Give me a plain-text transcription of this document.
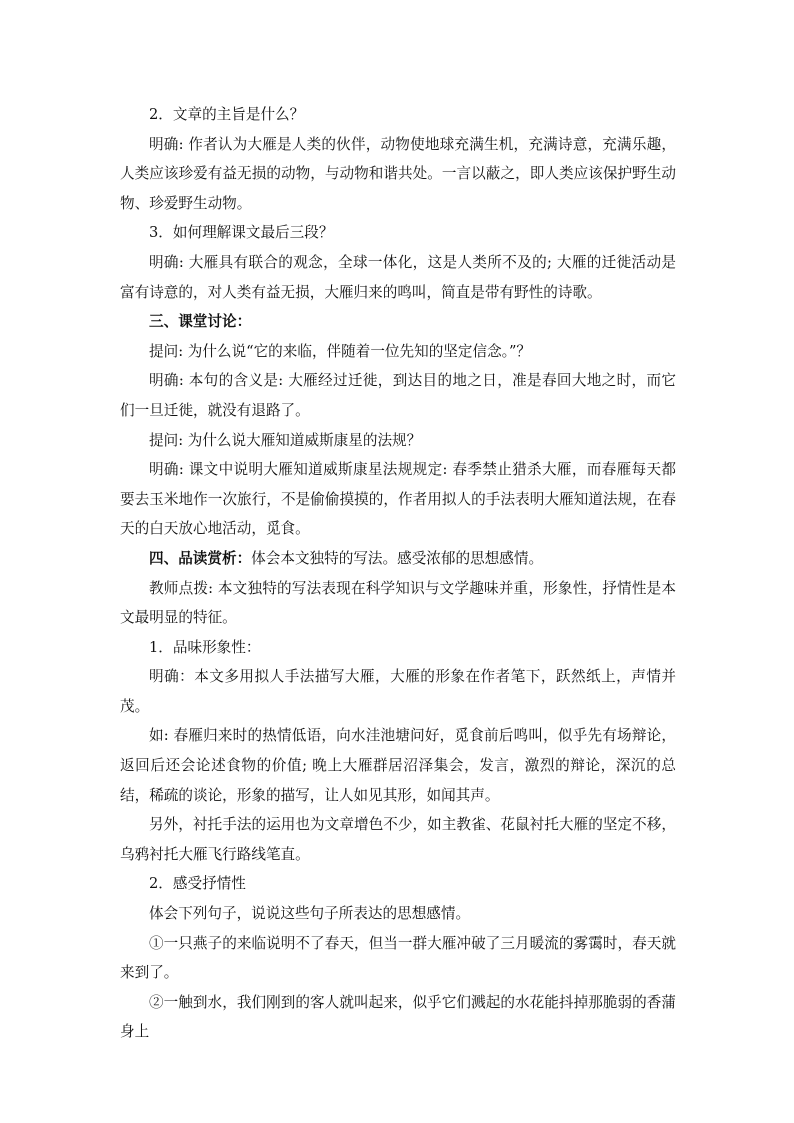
2．文章的主旨是什么？

明确: 作者认为大雁是人类的伙伴，动物使地球充满生机，充满诗意，充满乐趣，人类应该珍爱有益无损的动物，与动物和谐共处。一言以蔽之，即人类应该保护野生动物、珍爱野生动物。

3．如何理解课文最后三段？

明确: 大雁具有联合的观念，全球一体化，这是人类所不及的; 大雁的迁徙活动是富有诗意的，对人类有益无损，大雁归来的鸣叫，简直是带有野性的诗歌。

三、课堂讨论：

提问: 为什么说“它的来临，伴随着一位先知的坚定信念。”？

明确: 本句的含义是: 大雁经过迁徙，到达目的地之日，准是春回大地之时，而它们一旦迁徙，就没有退路了。

提问: 为什么说大雁知道威斯康星的法规？

明确: 课文中说明大雁知道威斯康星法规规定: 春季禁止猎杀大雁，而春雁每天都要去玉米地作一次旅行，不是偷偷摸摸的，作者用拟人的手法表明大雁知道法规，在春天的白天放心地活动，觅食。

四、品读赏析：体会本文独特的写法。感受浓郁的思想感情。

教师点拨: 本文独特的写法表现在科学知识与文学趣味并重，形象性，抒情性是本文最明显的特征。

1．品味形象性：

明确：本文多用拟人手法描写大雁，大雁的形象在作者笔下，跃然纸上，声情并茂。

如: 春雁归来时的热情低语，向水洼池塘问好，觅食前后鸣叫，似乎先有场辩论，返回后还会论述食物的价值; 晚上大雁群居沼泽集会，发言，激烈的辩论，深沉的总结，稀疏的谈论，形象的描写，让人如见其形，如闻其声。

另外，衬托手法的运用也为文章增色不少，如主教雀、花鼠衬托大雁的坚定不移，乌鸦衬托大雁飞行路线笔直。

2．感受抒情性

体会下列句子，说说这些句子所表达的思想感情。

①一只燕子的来临说明不了春天，但当一群大雁冲破了三月暖流的雾霭时，春天就来到了。

②一触到水，我们刚到的客人就叫起来，似乎它们溅起的水花能抖掉那脆弱的香蒲身上
